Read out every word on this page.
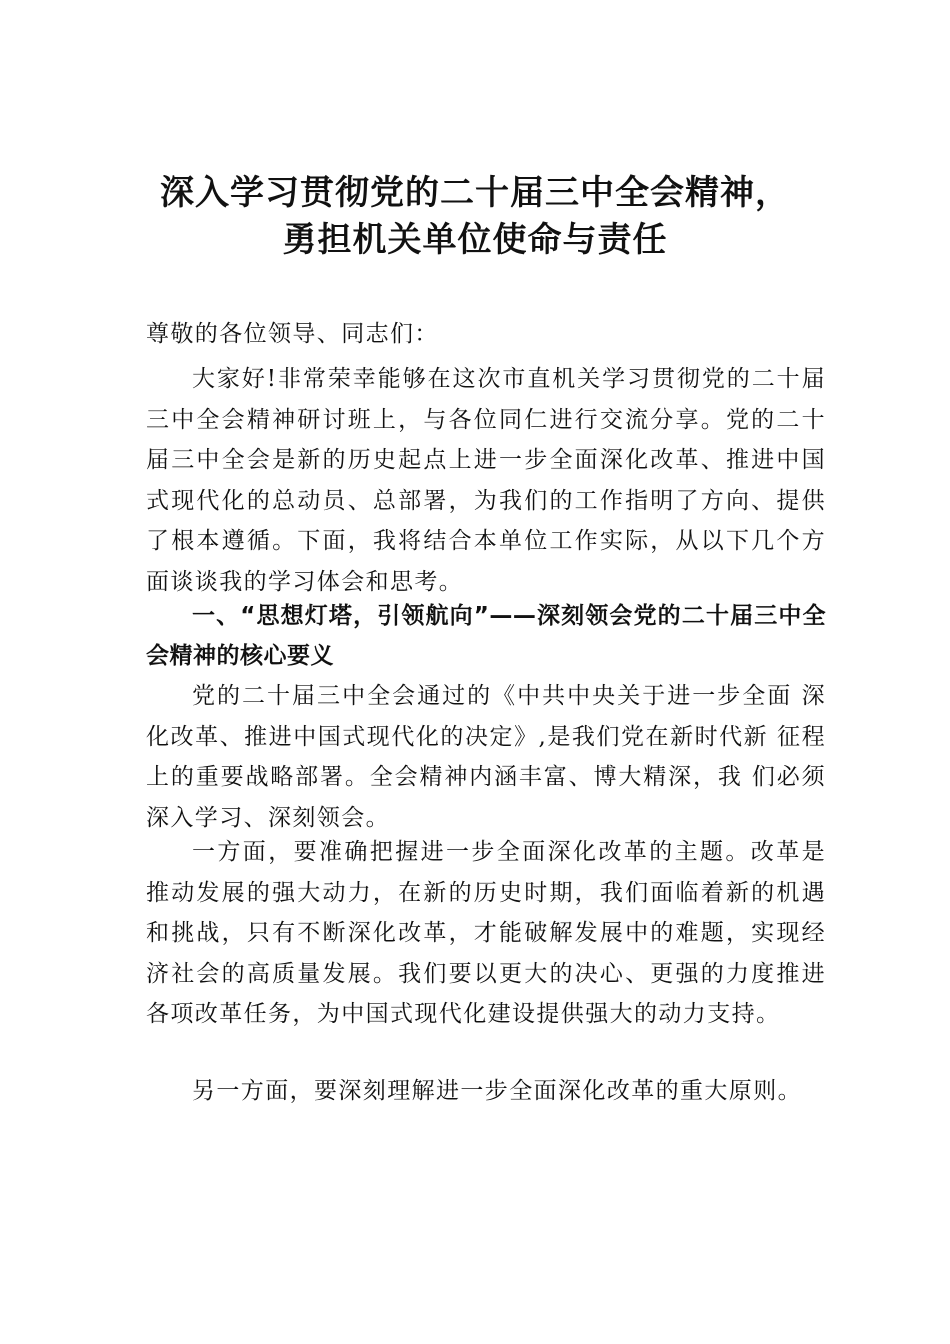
深入学习贯彻党的二十届三中全会精神，
勇担机关单位使命与责任
尊敬的各位领导、同志们：
大家好!非常荣幸能够在这次市直机关学习贯彻党的二十届三中全会精神研讨班上，与各位同仁进行交流分享。党的二十届三中全会是新的历史起点上进一步全面深化改革、推进中国式现代化的总动员、总部署，为我们的工作指明了方向、提供了根本遵循。下面，我将结合本单位工作实际，从以下几个方面谈谈我的学习体会和思考。
一、“思想灯塔，引领航向”——深刻领会党的二十届三中全会精神的核心要义
党的二十届三中全会通过的《中共中央关于进一步全面 深化改革、推进中国式现代化的决定》,是我们党在新时代新 征程上的重要战略部署。全会精神内涵丰富、博大精深，我 们必须深入学习、深刻领会。
一方面，要准确把握进一步全面深化改革的主题。改革是推动发展的强大动力，在新的历史时期，我们面临着新的机遇和挑战，只有不断深化改革，才能破解发展中的难题，实现经济社会的高质量发展。我们要以更大的决心、更强的力度推进各项改革任务，为中国式现代化建设提供强大的动力支持。
另一方面，要深刻理解进一步全面深化改革的重大原则。
